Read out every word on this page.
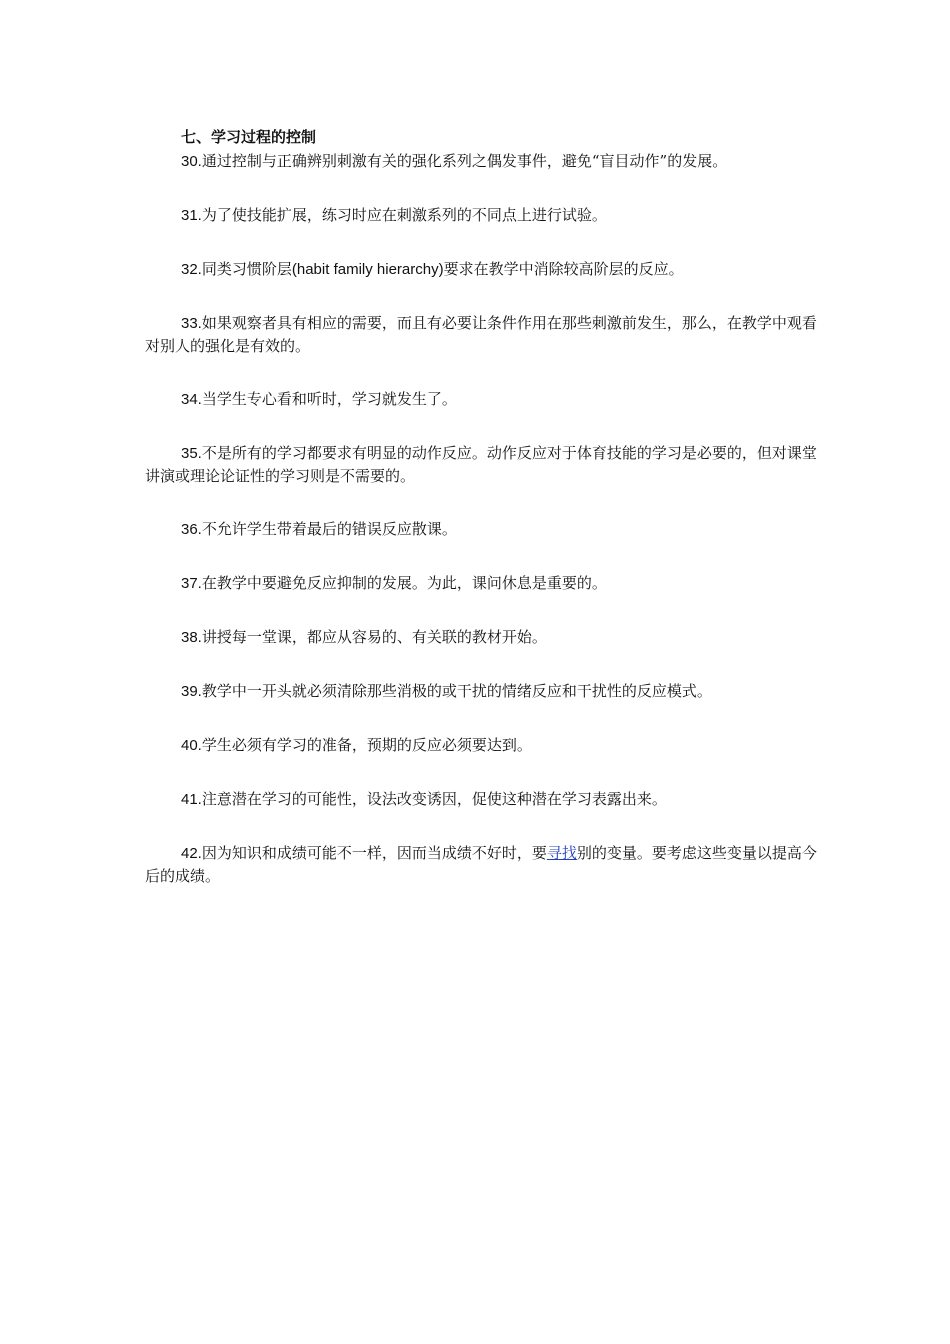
七、学习过程的控制

30.通过控制与正确辨别刺激有关的强化系列之偶发事件，避免“盲目动作”的发展。

31.为了使技能扩展，练习时应在刺激系列的不同点上进行试验。

32.同类习惯阶层(habit family hierarchy)要求在教学中消除较高阶层的反应。

33.如果观察者具有相应的需要，而且有必要让条件作用在那些刺激前发生，那么，在教学中观看对别人的强化是有效的。

34.当学生专心看和听时，学习就发生了。

35.不是所有的学习都要求有明显的动作反应。动作反应对于体育技能的学习是必要的，但对课堂讲演或理论论证性的学习则是不需要的。

36.不允许学生带着最后的错误反应散课。

37.在教学中要避免反应抑制的发展。为此，课问休息是重要的。

38.讲授每一堂课，都应从容易的、有关联的教材开始。

39.教学中一开头就必须清除那些消极的或干扰的情绪反应和干扰性的反应模式。

40.学生必须有学习的准备，预期的反应必须要达到。

41.注意潜在学习的可能性，设法改变诱因，促使这种潜在学习表露出来。

42.因为知识和成绩可能不一样，因而当成绩不好时，要寻找别的变量。要考虑这些变量以提高今后的成绩。
